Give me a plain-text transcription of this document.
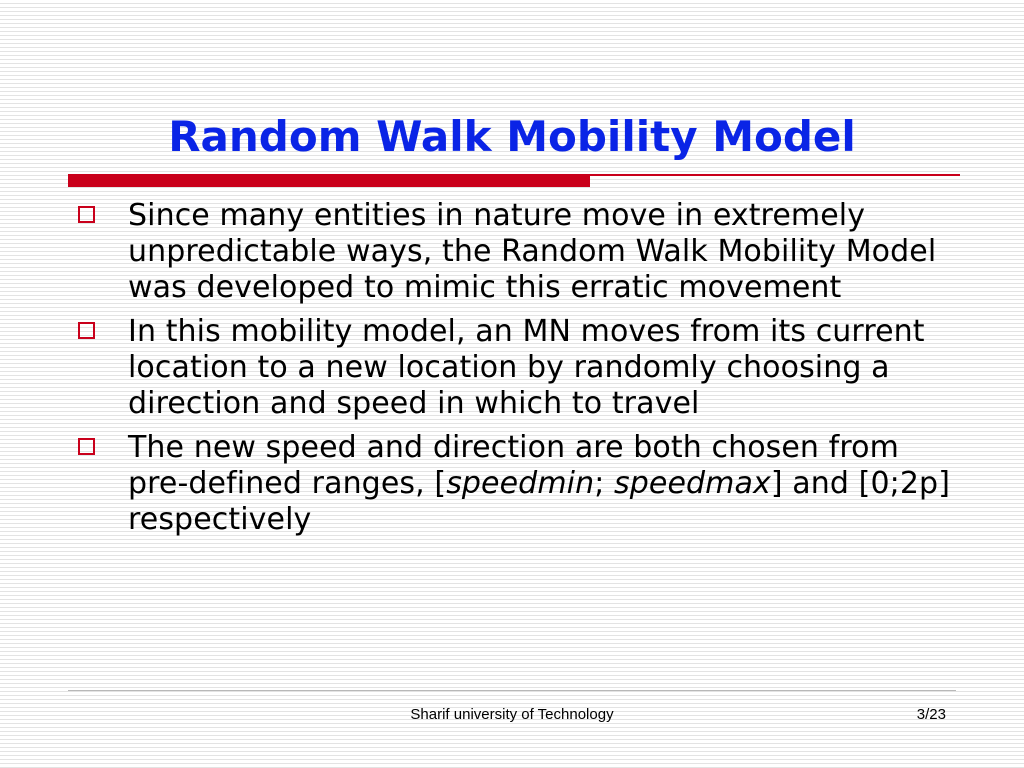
Random Walk Mobility Model
Since many entities in nature move in extremely unpredictable ways, the Random Walk Mobility Model was developed to mimic this erratic movement
In this mobility model, an MN moves from its current location to a new location by randomly choosing a direction and speed in which to travel
The new speed and direction are both chosen from pre-defined ranges, [speedmin; speedmax] and [0;2p] respectively
Sharif university of Technology	3/23
